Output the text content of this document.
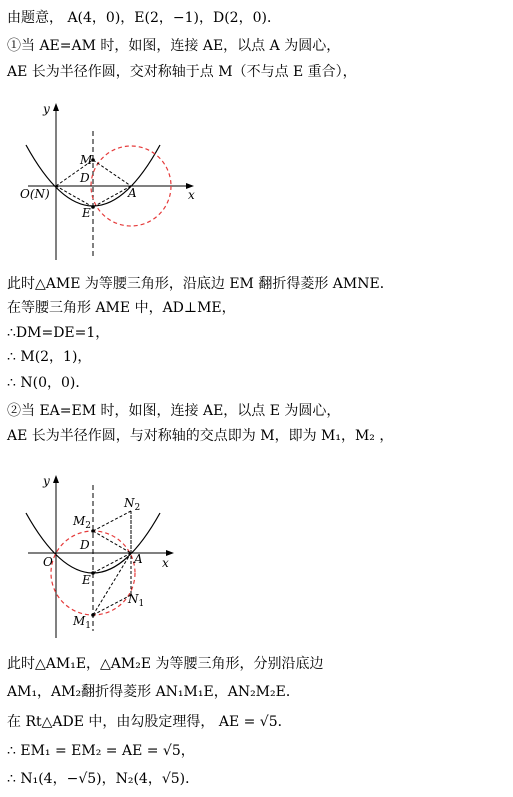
由题意， A(4，0)，E(2，−1)，D(2，0)．
①当 AE=AM 时，如图，连接 AE，以点 A 为圆心，
AE 长为半径作圆，交对称轴于点 M（不与点 E 重合），
此时△AME 为等腰三角形，沿底边 EM 翻折得菱形 AMNE．
在等腰三角形 AME 中，AD⊥ME，
∴DM=DE=1，
∴ M(2，1)，
∴ N(0，0)．
②当 EA=EM 时，如图，连接 AE，以点 E 为圆心，
AE 长为半径作圆，与对称轴的交点即为 M，即为 M₁，M₂ ，
此时△AM₁E，△AM₂E 为等腰三角形，分别沿底边
AM₁，AM₂翻折得菱形 AN₁M₁E，AN₂M₂E．
在 Rt△ADE 中，由勾股定理得， AE = √5．
∴ EM₁ = EM₂ = AE = √5，
∴ N₁(4，−√5)，N₂(4，√5)．
y
x
O(N)
M
D
E
A
y
x
O
$M_2$
$N_2$
D
E
A
$N_1$
$M_1$
